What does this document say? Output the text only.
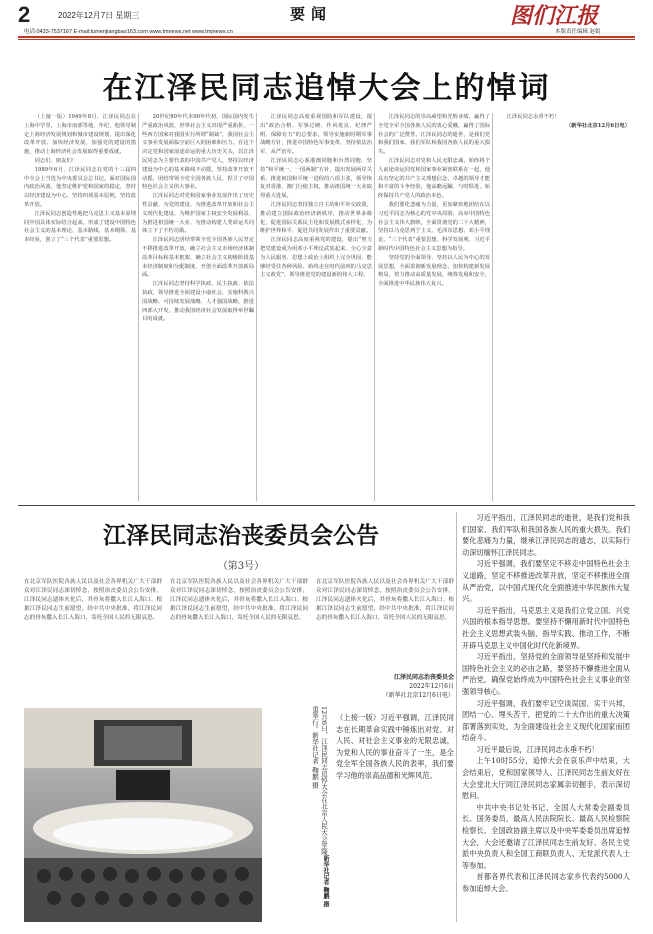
2	2022年12月7日 星期三	要闻	图们江报
电话:0433-7537167 E-mail:tumenjiangbao163.com www.tmnews.net www.tmjnews.cn	本版责任编辑 赵娟
在江泽民同志追悼大会上的悼词

（上接一版）1949年8月，江泽民同志在上海中学里，上海市南部等地，年纪，他领导制定上海经济发展规划和城市建设规划，提出深化改革开放、加快经济发展，加强党的建设的措施，推动上海经济社会发展取得重要成就。

同志们、朋友们！

1989年6月，江泽民同志在党的十三届四中全会上当选为中央委员会总书记。面对国际国内政治风波，他坚定维护党和国家的稳定，坚持以经济建设为中心，坚持四项基本原则，坚持改革开放。

江泽民同志创造性地把马克思主义基本原理同中国具体实际结合起来，形成了建设中国特色社会主义的基本理论、基本路线、基本纲领、基本经验，创立了“三个代表”重要思想。

20世纪80年代末90年代初，国际国内发生严重政治风波，世界社会主义出现严重曲折，一些西方国家对我国实行所谓“制裁”，我国社会主义事业发展面临空前巨大的困难和压力。在这个决定党和国家前途命运的重大历史关头，以江泽民同志为主要代表的中国共产党人，坚持以经济建设为中心的基本路线不动摇，坚持改革开放不动摇，团结带领全党全国各族人民，捍卫了中国特色社会主义伟大事业。

江泽民同志对党和国家事业发展作出了历史性贡献，为党的建设、为推进改革开放和社会主义现代化建设、为维护国家主权安全发展利益、为推进祖国统一大业、为推动构建人类命运共同体立下了不朽功勋。

江泽民同志团结带领全党全国各族人民坚定不移推进改革开放，确立社会主义市场经济体制改革目标和基本框架，确立社会主义初级阶段基本经济制度和分配制度，开创全面改革开放新局面。

江泽民同志坚持科学执政、民主执政、依法执政，领导推进全面建设小康社会，实施科教兴国战略、可持续发展战略、人才强国战略，推进西部大开发，推动我国经济社会发展取得举世瞩目的成就。

江泽民同志高度重视国防和军队建设，提出“政治合格、军事过硬、作风优良、纪律严明、保障有力”的总要求，领导实施新时期军事战略方针，推进中国特色军事变革，坚持依法治军、从严治军。

江泽民同志心系港澳同胞和台湾同胞，坚持“和平统一、一国两制”方针，提出发展两岸关系、推进祖国和平统一进程的八项主张，领导恢复对香港、澳门行使主权，推动祖国统一大业取得重大进展。

江泽民同志坚持独立自主的和平外交政策，推动建立国际政治经济新秩序，推动世界多极化，促进国际关系民主化和发展模式多样化，为维护世界和平、促进共同发展作出了重要贡献。

江泽民同志高度重视党的建设，提出“努力把党建设成为用邓小平理论武装起来、全心全意为人民服务、思想上政治上组织上完全巩固、能够经受住各种风险、始终走在时代前列的马克思主义政党”，领导推进党的建设新的伟大工程。

江泽民同志的崇高威望和光辉业绩，赢得了全党全军全国各族人民的衷心爱戴，赢得了国际社会的广泛赞誉。江泽民同志的逝世，是我们党和我们国家、我们军队和我国各族人民的重大损失。

江泽民同志对党和人民无限忠诚，始终将个人前途命运同党和国家事业紧密联系在一起，他具有坚定的共产主义理想信念、卓越的领导才能和丰富的斗争经验，他高瞻远瞩、与时俱进，始终保持共产党人的政治本色。

我们要化悲痛为力量，更加紧密地团结在以习近平同志为核心的党中央周围，高举中国特色社会主义伟大旗帜，全面贯彻党的二十大精神，坚持以马克思列宁主义、毛泽东思想、邓小平理论、“三个代表”重要思想、科学发展观、习近平新时代中国特色社会主义思想为指导。

坚持党的全面领导、坚持以人民为中心的发展思想，全面贯彻新发展理念，加快构建新发展格局，着力推动高质量发展，统筹发展和安全，全面推进中华民族伟大复兴。

江泽民同志永垂不朽！

（新华社北京12月6日电）
江泽民同志治丧委员会公告
（第3号）
在北京军队医院各族人民以及社会各界机关广大干部群众对江泽民同志深切悼念，按照治丧委员会公告安排，江泽民同志遗体火化后，其骨灰将撒入长江入海口。根据江泽民同志生前愿望，经中共中央批准，将江泽民同志的骨灰撒入长江入海口，寄托全国人民的无限哀思。
在北京军队医院各族人民以及社会各界机关广大干部群众对江泽民同志深切悼念，按照治丧委员会公告安排，江泽民同志遗体火化后，其骨灰将撒入长江入海口。根据江泽民同志生前愿望，经中共中央批准，将江泽民同志的骨灰撒入长江入海口，寄托全国人民的无限哀思。
在北京军队医院各族人民以及社会各界机关广大干部群众对江泽民同志深切悼念，按照治丧委员会公告安排，江泽民同志遗体火化后，其骨灰将撒入长江入海口。根据江泽民同志生前愿望，经中共中央批准，将江泽民同志的骨灰撒入长江入海口，寄托全国人民的无限哀思。
江泽民同志治丧委员会
2022年12月6日
（新华社北京12月6日电）
12月6日，江泽民同志追悼大会在北京人民大会堂隆重举行。新华社记者 鞠鹏 摄
新华社记者 鞠鹏 摄
（上接一版）习近平强调，江泽民同志在长期革命实践中锤炼出对党、对人民、对社会主义事业的无限忠诚，为党和人民的事业奋斗了一生，是全党全军全国各族人民的表率，我们要学习他的崇高品德和光辉风范。

习近平指出，江泽民同志的逝世，是我们党和我们国家、我们军队和我国各族人民的重大损失。我们要化悲痛为力量，继承江泽民同志的遗志，以实际行动深切缅怀江泽民同志。

习近平强调，我们要坚定不移走中国特色社会主义道路，坚定不移推进改革开放，坚定不移推进全面从严治党，以中国式现代化全面推进中华民族伟大复兴。

习近平指出，马克思主义是我们立党立国、兴党兴国的根本指导思想。要坚持不懈用新时代中国特色社会主义思想武装头脑、指导实践、推动工作，不断开辟马克思主义中国化时代化新境界。

习近平指出，坚持党的全面领导是坚持和发展中国特色社会主义的必由之路，要坚持不懈推进全面从严治党，确保党始终成为中国特色社会主义事业的坚强领导核心。

习近平强调，我们要牢记空谈误国、实干兴邦，团结一心、埋头苦干，把党的二十大作出的重大决策部署落到实处，为全面建设社会主义现代化国家而团结奋斗。

习近平最后说，江泽民同志永垂不朽！

上午10时55分，追悼大会在哀乐声中结束，大会结束后，党和国家领导人、江泽民同志生前友好在大会堂北大厅同江泽民同志家属亲切握手，表示深切慰问。

中共中央书记处书记、全国人大常委会副委员长、国务委员、最高人民法院院长、最高人民检察院检察长、全国政协副主席以及中央军委委员出席追悼大会，大会还邀请了江泽民同志生前友好、各民主党派中央负责人和全国工商联负责人、无党派代表人士等参加。

首都各界代表和江泽民同志家乡代表约5000人参加追悼大会。
